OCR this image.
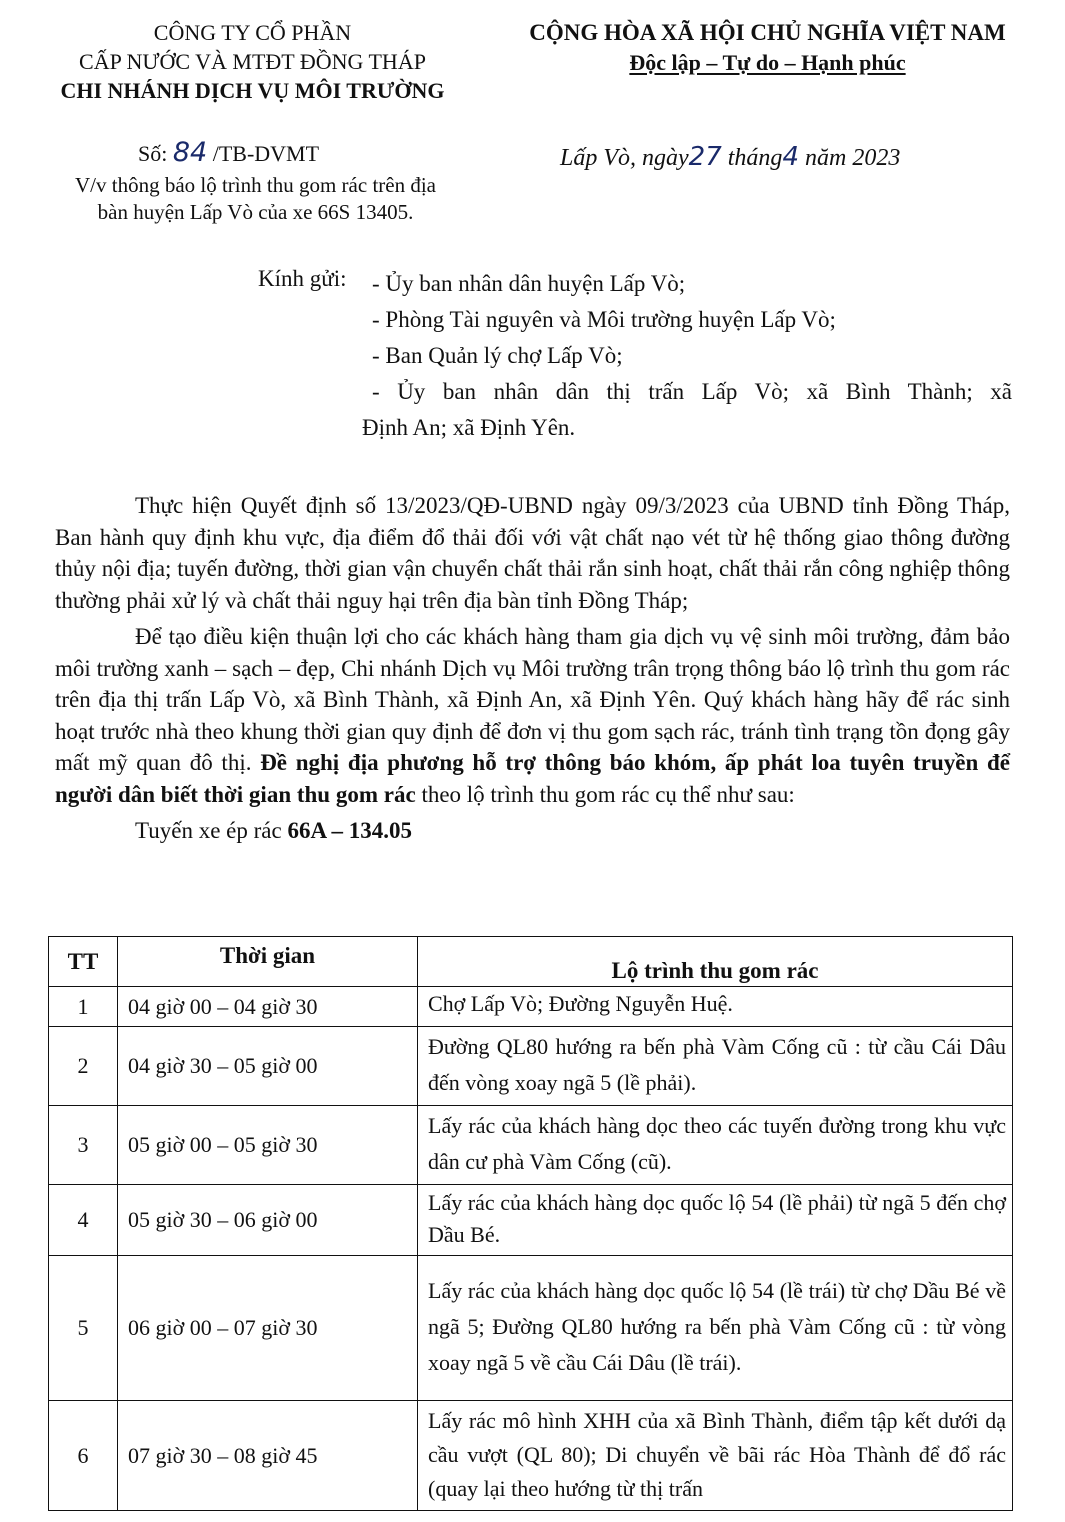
CÔNG TY CỔ PHẦN
CẤP NƯỚC VÀ MTĐT ĐỒNG THÁP
CHI NHÁNH DỊCH VỤ MÔI TRƯỜNG
CỘNG HÒA XÃ HỘI CHỦ NGHĨA VIỆT NAM
Độc lập – Tự do – Hạnh phúc
Số: 84 /TB-DVMT
V/v thông báo lộ trình thu gom rác trên địa
bàn huyện Lấp Vò của xe 66S 13405.
Lấp Vò, ngày27 tháng4 năm 2023
Kính gửi: - Ủy ban nhân dân huyện Lấp Vò;

- Phòng Tài nguyên và Môi trường huyện Lấp Vò;

- Ban Quản lý chợ Lấp Vò;

- Ủy ban nhân dân thị trấn Lấp Vò; xã Bình Thành; xã

Định An; xã Định Yên.

Thực hiện Quyết định số 13/2023/QĐ-UBND ngày 09/3/2023 của UBND tỉnh Đồng Tháp, Ban hành quy định khu vực, địa điểm đổ thải đối với vật chất nạo vét từ hệ thống giao thông đường thủy nội địa; tuyến đường, thời gian vận chuyển chất thải rắn sinh hoạt, chất thải rắn công nghiệp thông thường phải xử lý và chất thải nguy hại trên địa bàn tỉnh Đồng Tháp;

Để tạo điều kiện thuận lợi cho các khách hàng tham gia dịch vụ vệ sinh môi trường, đảm bảo môi trường xanh – sạch – đẹp, Chi nhánh Dịch vụ Môi trường trân trọng thông báo lộ trình thu gom rác trên địa thị trấn Lấp Vò, xã Bình Thành, xã Định An, xã Định Yên. Quý khách hàng hãy để rác sinh hoạt trước nhà theo khung thời gian quy định để đơn vị thu gom sạch rác, tránh tình trạng tồn đọng gây mất mỹ quan đô thị. Đề nghị địa phương hỗ trợ thông báo khóm, ấp phát loa tuyên truyền để người dân biết thời gian thu gom rác theo lộ trình thu gom rác cụ thể như sau:

Tuyến xe ép rác 66A – 134.05

TT	Thời gian	Lộ trình thu gom rác
1	04 giờ 00 – 04 giờ 30	Chợ Lấp Vò; Đường Nguyễn Huệ.
2	04 giờ 30 – 05 giờ 00	Đường QL80 hướng ra bến phà Vàm Cống cũ : từ cầu Cái Dâu đến vòng xoay ngã 5 (lề phải).
3	05 giờ 00 – 05 giờ 30	Lấy rác của khách hàng dọc theo các tuyến đường trong khu vực dân cư phà Vàm Cống (cũ).
4	05 giờ 30 – 06 giờ 00	Lấy rác của khách hàng dọc quốc lộ 54 (lề phải) từ ngã 5 đến chợ Dầu Bé.
5	06 giờ 00 – 07 giờ 30	Lấy rác của khách hàng dọc quốc lộ 54 (lề trái) từ chợ Dầu Bé về ngã 5; Đường QL80 hướng ra bến phà Vàm Cống cũ : từ vòng xoay ngã 5 về cầu Cái Dâu (lề trái).
6	07 giờ 30 – 08 giờ 45	Lấy rác mô hình XHH của xã Bình Thành, điểm tập kết dưới dạ cầu vượt (QL 80); Di chuyển về bãi rác Hòa Thành để đổ rác (quay lại theo hướng từ thị trấn
